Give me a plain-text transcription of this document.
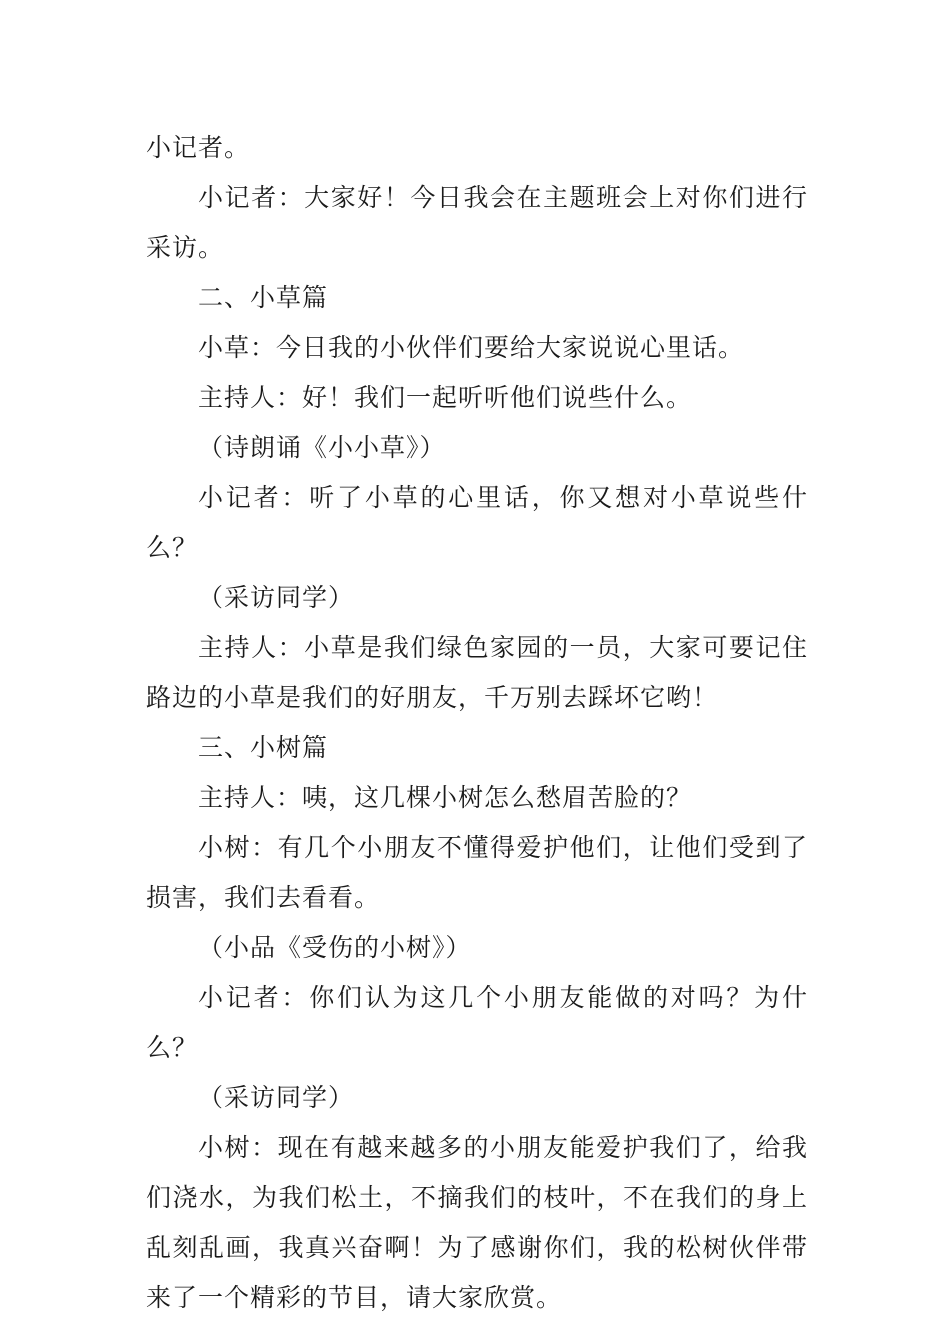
小记者。

小记者：大家好！今日我会在主题班会上对你们进行采访。

二、小草篇

小草：今日我的小伙伴们要给大家说说心里话。

主持人：好！我们一起听听他们说些什么。

（诗朗诵《小小草》）

小记者：听了小草的心里话，你又想对小草说些什么？

（采访同学）

主持人：小草是我们绿色家园的一员，大家可要记住路边的小草是我们的好朋友，千万别去踩坏它哟！

三、小树篇

主持人：咦，这几棵小树怎么愁眉苦脸的？

小树：有几个小朋友不懂得爱护他们，让他们受到了损害，我们去看看。

（小品《受伤的小树》）

小记者：你们认为这几个小朋友能做的对吗？为什么？

（采访同学）

小树：现在有越来越多的小朋友能爱护我们了，给我们浇水，为我们松土，不摘我们的枝叶，不在我们的身上乱刻乱画，我真兴奋啊！为了感谢你们，我的松树伙伴带来了一个精彩的节目，请大家欣赏。
